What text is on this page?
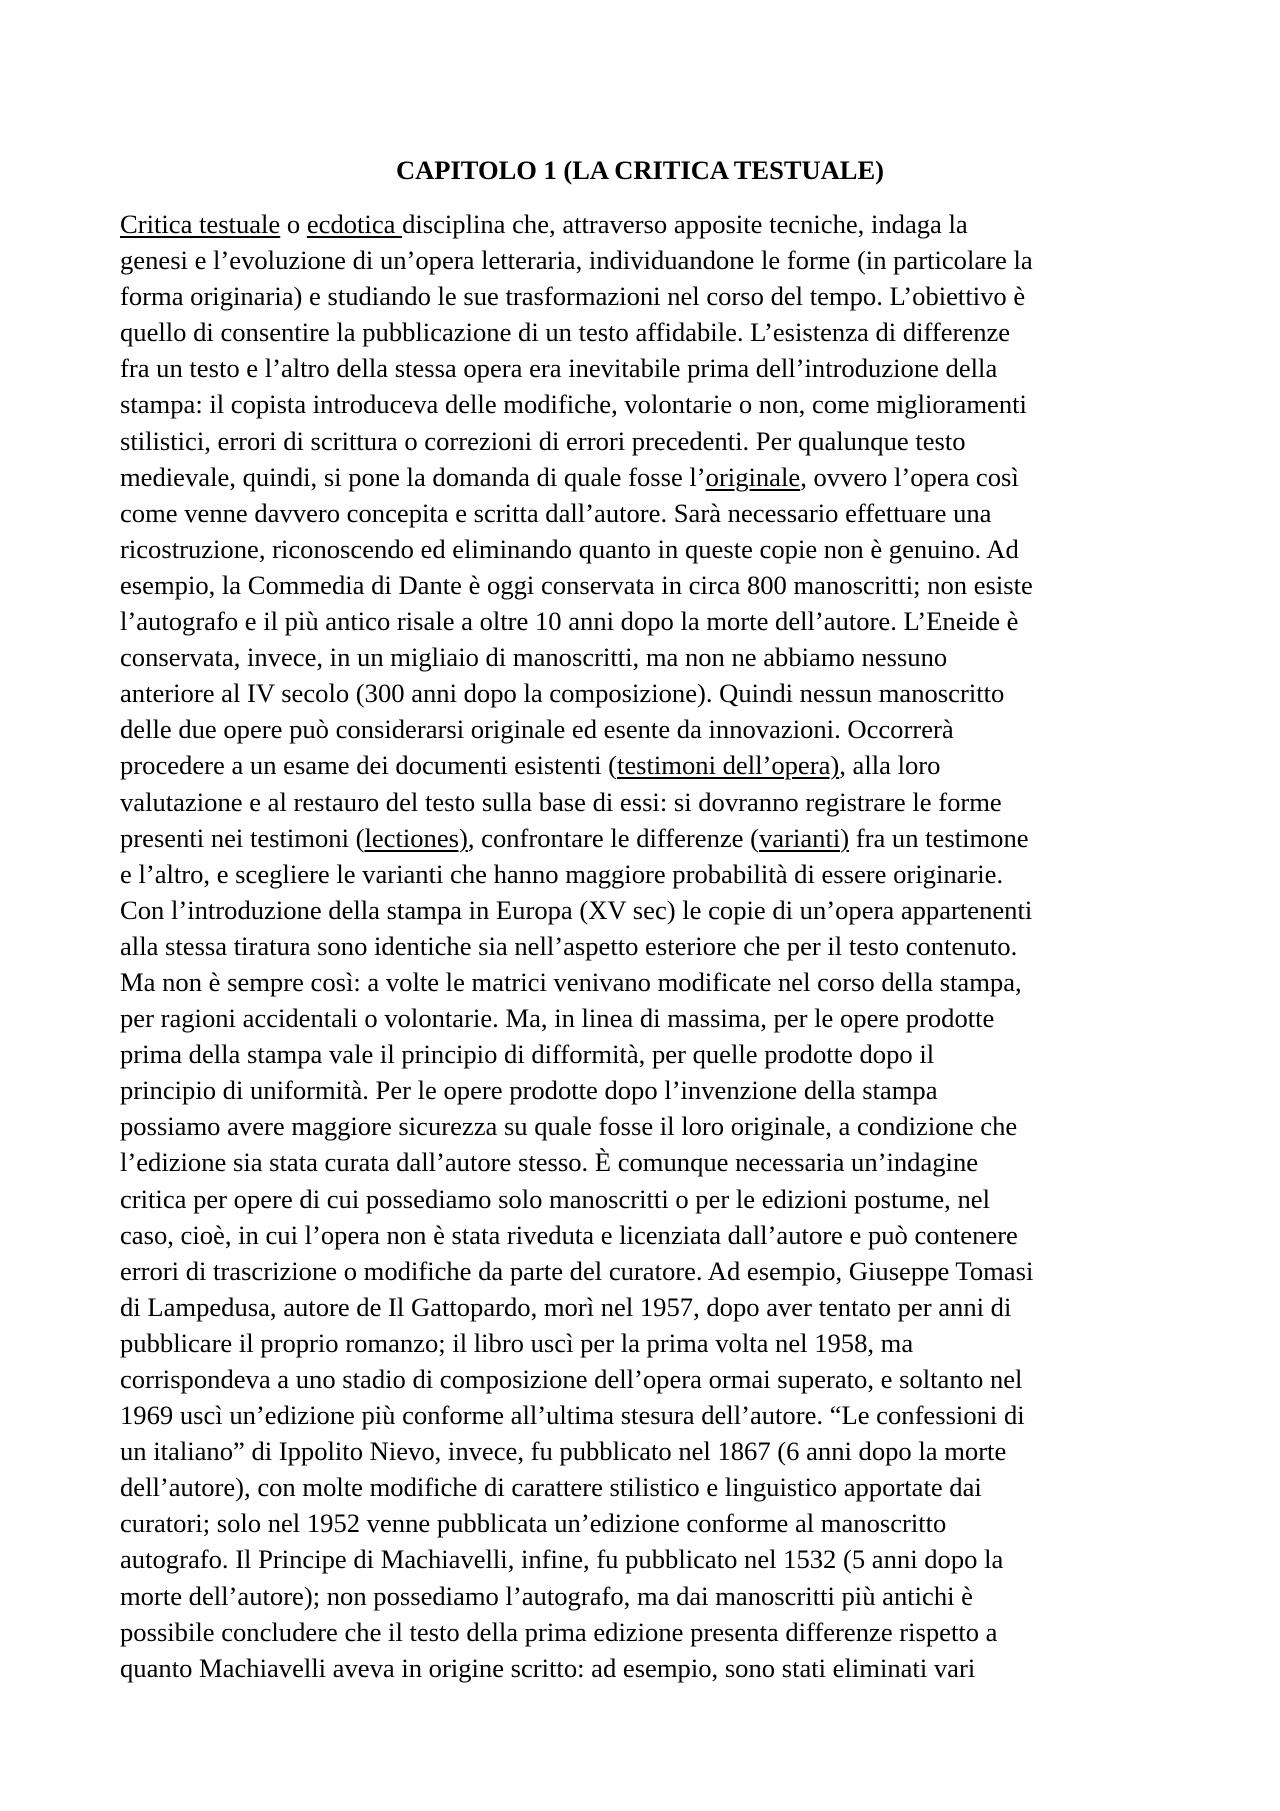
CAPITOLO 1 (LA CRITICA TESTUALE)
Critica testuale o ecdotica disciplina che, attraverso apposite tecniche, indaga la
genesi e l’evoluzione di un’opera letteraria, individuandone le forme (in particolare la
forma originaria) e studiando le sue trasformazioni nel corso del tempo. L’obiettivo è
quello di consentire la pubblicazione di un testo affidabile. L’esistenza di differenze
fra un testo e l’altro della stessa opera era inevitabile prima dell’introduzione della
stampa: il copista introduceva delle modifiche, volontarie o non, come miglioramenti
stilistici, errori di scrittura o correzioni di errori precedenti. Per qualunque testo
medievale, quindi, si pone la domanda di quale fosse l’originale, ovvero l’opera così
come venne davvero concepita e scritta dall’autore. Sarà necessario effettuare una
ricostruzione, riconoscendo ed eliminando quanto in queste copie non è genuino. Ad
esempio, la Commedia di Dante è oggi conservata in circa 800 manoscritti; non esiste
l’autografo e il più antico risale a oltre 10 anni dopo la morte dell’autore. L’Eneide è
conservata, invece, in un migliaio di manoscritti, ma non ne abbiamo nessuno
anteriore al IV secolo (300 anni dopo la composizione). Quindi nessun manoscritto
delle due opere può considerarsi originale ed esente da innovazioni. Occorrerà
procedere a un esame dei documenti esistenti (testimoni dell’opera), alla loro
valutazione e al restauro del testo sulla base di essi: si dovranno registrare le forme
presenti nei testimoni (lectiones), confrontare le differenze (varianti) fra un testimone
e l’altro, e scegliere le varianti che hanno maggiore probabilità di essere originarie.
Con l’introduzione della stampa in Europa (XV sec) le copie di un’opera appartenenti
alla stessa tiratura sono identiche sia nell’aspetto esteriore che per il testo contenuto.
Ma non è sempre così: a volte le matrici venivano modificate nel corso della stampa,
per ragioni accidentali o volontarie. Ma, in linea di massima, per le opere prodotte
prima della stampa vale il principio di difformità, per quelle prodotte dopo il
principio di uniformità. Per le opere prodotte dopo l’invenzione della stampa
possiamo avere maggiore sicurezza su quale fosse il loro originale, a condizione che
l’edizione sia stata curata dall’autore stesso. È comunque necessaria un’indagine
critica per opere di cui possediamo solo manoscritti o per le edizioni postume, nel
caso, cioè, in cui l’opera non è stata riveduta e licenziata dall’autore e può contenere
errori di trascrizione o modifiche da parte del curatore. Ad esempio, Giuseppe Tomasi
di Lampedusa, autore de Il Gattopardo, morì nel 1957, dopo aver tentato per anni di
pubblicare il proprio romanzo; il libro uscì per la prima volta nel 1958, ma
corrispondeva a uno stadio di composizione dell’opera ormai superato, e soltanto nel
1969 uscì un’edizione più conforme all’ultima stesura dell’autore. “Le confessioni di
un italiano” di Ippolito Nievo, invece, fu pubblicato nel 1867 (6 anni dopo la morte
dell’autore), con molte modifiche di carattere stilistico e linguistico apportate dai
curatori; solo nel 1952 venne pubblicata un’edizione conforme al manoscritto
autografo. Il Principe di Machiavelli, infine, fu pubblicato nel 1532 (5 anni dopo la
morte dell’autore); non possediamo l’autografo, ma dai manoscritti più antichi è
possibile concludere che il testo della prima edizione presenta differenze rispetto a
quanto Machiavelli aveva in origine scritto: ad esempio, sono stati eliminati vari
